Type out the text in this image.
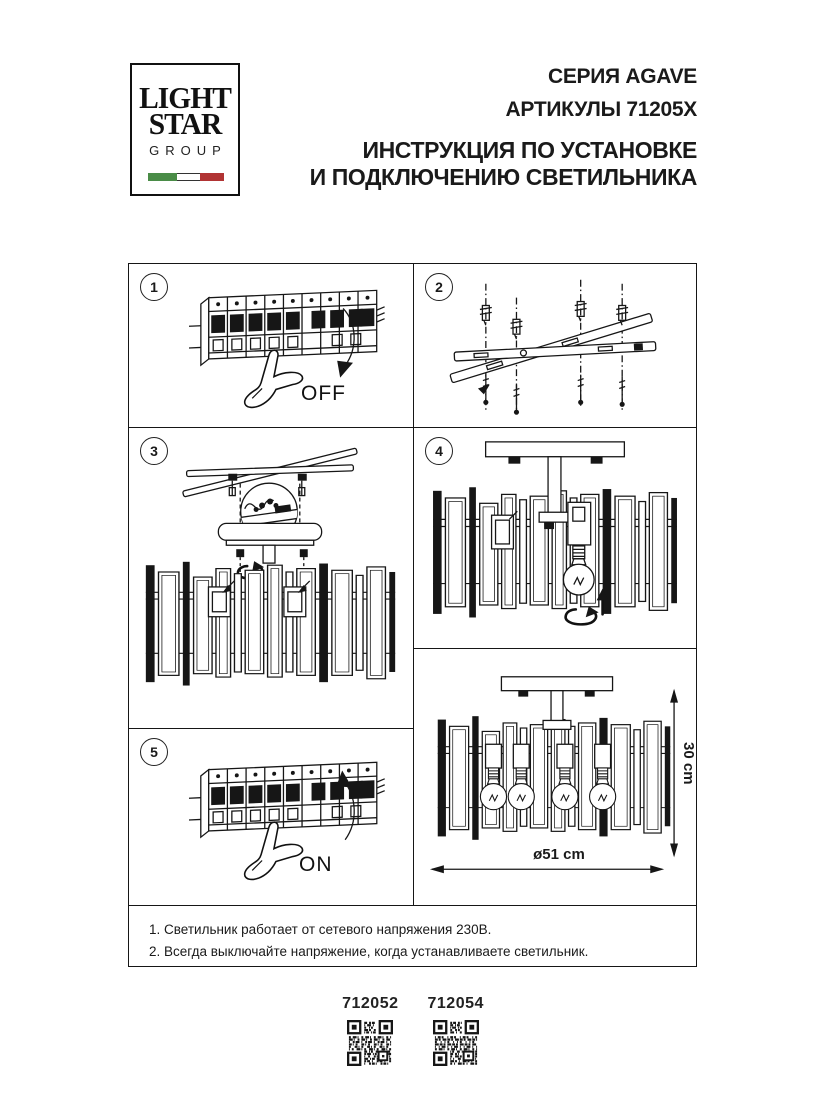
LIGHT
STAR
GROUP
СЕРИЯ AGAVE
АРТИКУЛЫ 71205X
ИНСТРУКЦИЯ ПО УСТАНОВКЕ
И ПОДКЛЮЧЕНИЮ СВЕТИЛЬНИКА
1
OFF
2
3	4
5
ON	ø51 cm
30 cm
1. Светильник работает от сетевого напряжения 230В.
2. Всегда выключайте напряжение, когда устанавливаете светильник.
712052 712054
